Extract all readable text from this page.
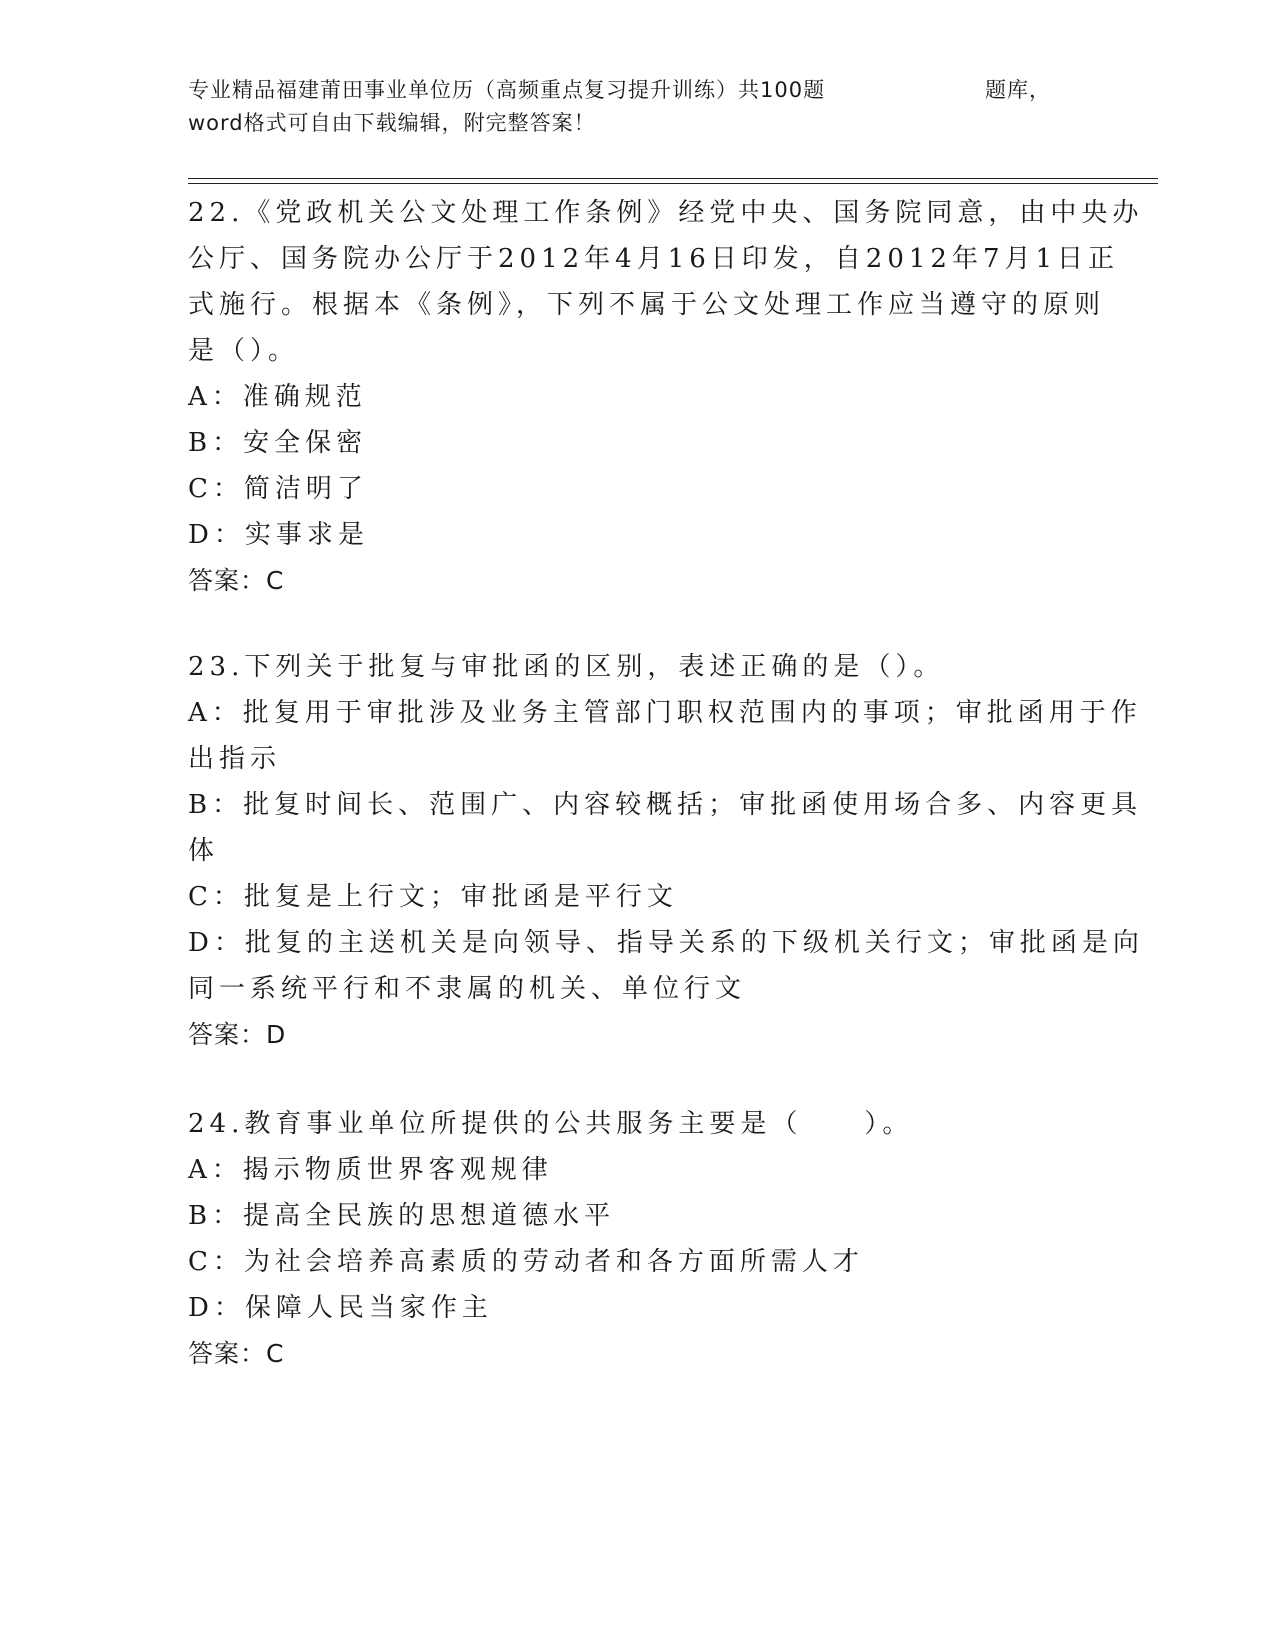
专业精品福建莆田事业单位历（高频重点复习提升训练）共100题	题库，
word格式可自由下载编辑，附完整答案！
22.《党政机关公文处理工作条例》经党中央、国务院同意，由中央办
公厅、国务院办公厅于2012年4月16日印发，自2012年7月1日正
式施行。根据本《条例》，下列不属于公文处理工作应当遵守的原则
是（）。
A：准确规范
B：安全保密
C：简洁明了
D：实事求是
答案：C
23.下列关于批复与审批函的区别，表述正确的是（）。
A：批复用于审批涉及业务主管部门职权范围内的事项；审批函用于作
出指示
B：批复时间长、范围广、内容较概括；审批函使用场合多、内容更具
体
C：批复是上行文；审批函是平行文
D：批复的主送机关是向领导、指导关系的下级机关行文；审批函是向
同一系统平行和不隶属的机关、单位行文
答案：D
24.教育事业单位所提供的公共服务主要是（　　）。
A：揭示物质世界客观规律
B：提高全民族的思想道德水平
C：为社会培养高素质的劳动者和各方面所需人才
D：保障人民当家作主
答案：C
